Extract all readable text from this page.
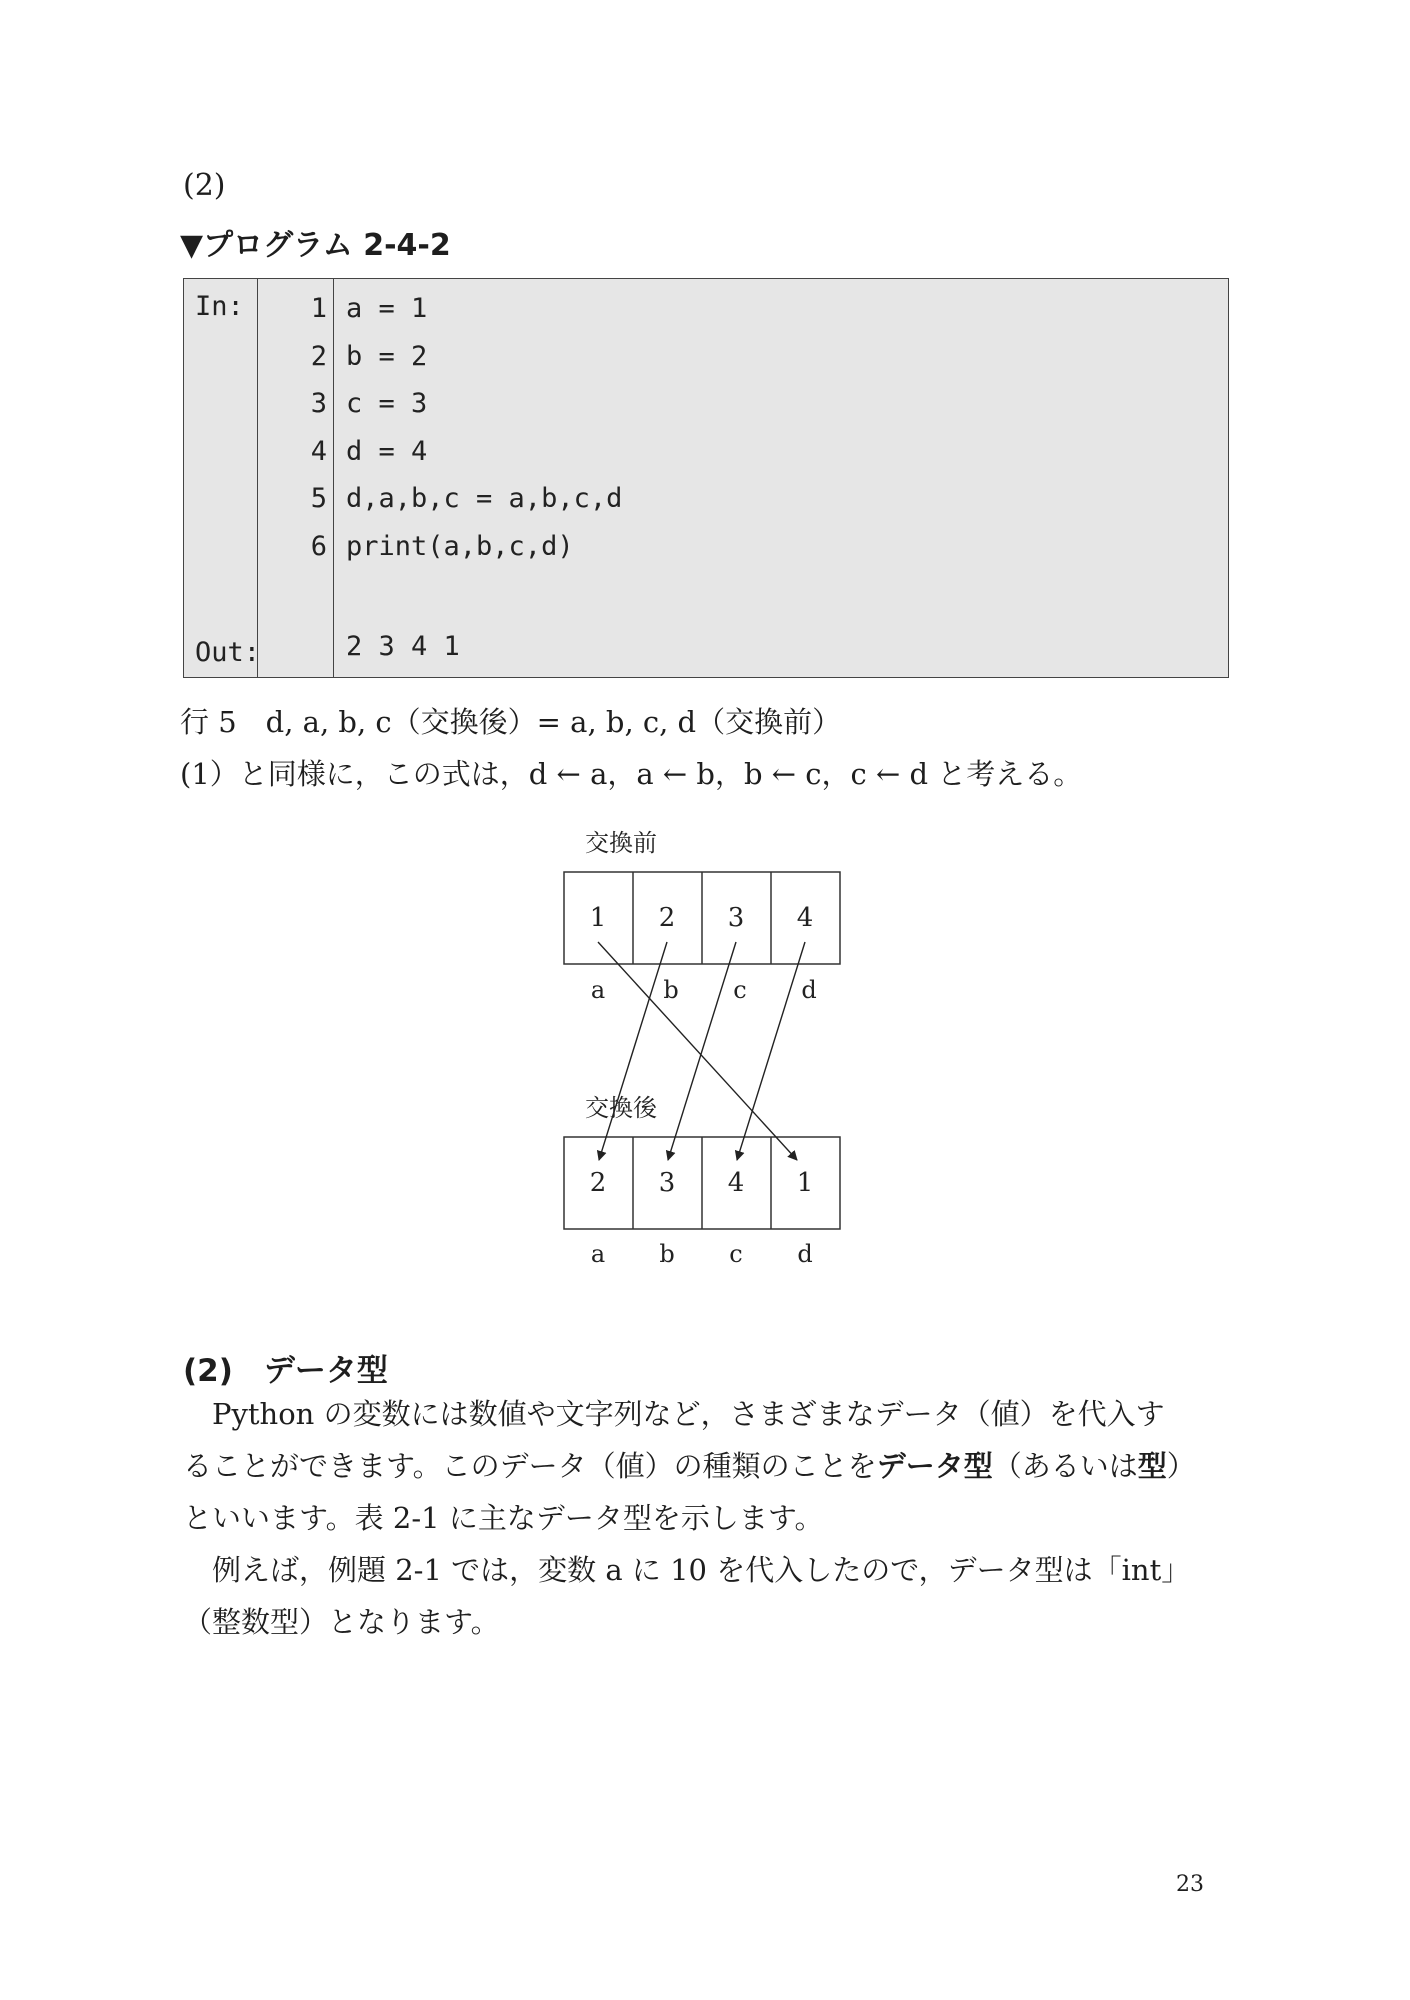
(2)
▼プログラム 2-4-2
In:
Out:
1
2
3
4
5
6
a = 1
b = 2
c = 3
d = 4
d,a,b,c = a,b,c,d
print(a,b,c,d)
2 3 4 1
行 5　d, a, b, c（交換後）= a, b, c, d（交換前）
(1）と同様に，この式は，d ← a，a ← b，b ← c，c ← d と考える。
交換前
1 2 3 4
a b c d
交換後
2 3 4 1
a b c d
(2)　データ型

Python の変数には数値や文字列など，さまざまなデータ（値）を代入す

ることができます。このデータ（値）の種類のことをデータ型（あるいは型）

といいます。表 2-1 に主なデータ型を示します。

例えば，例題 2-1 では，変数 a に 10 を代入したので，データ型は「int」

（整数型）となります。

23
